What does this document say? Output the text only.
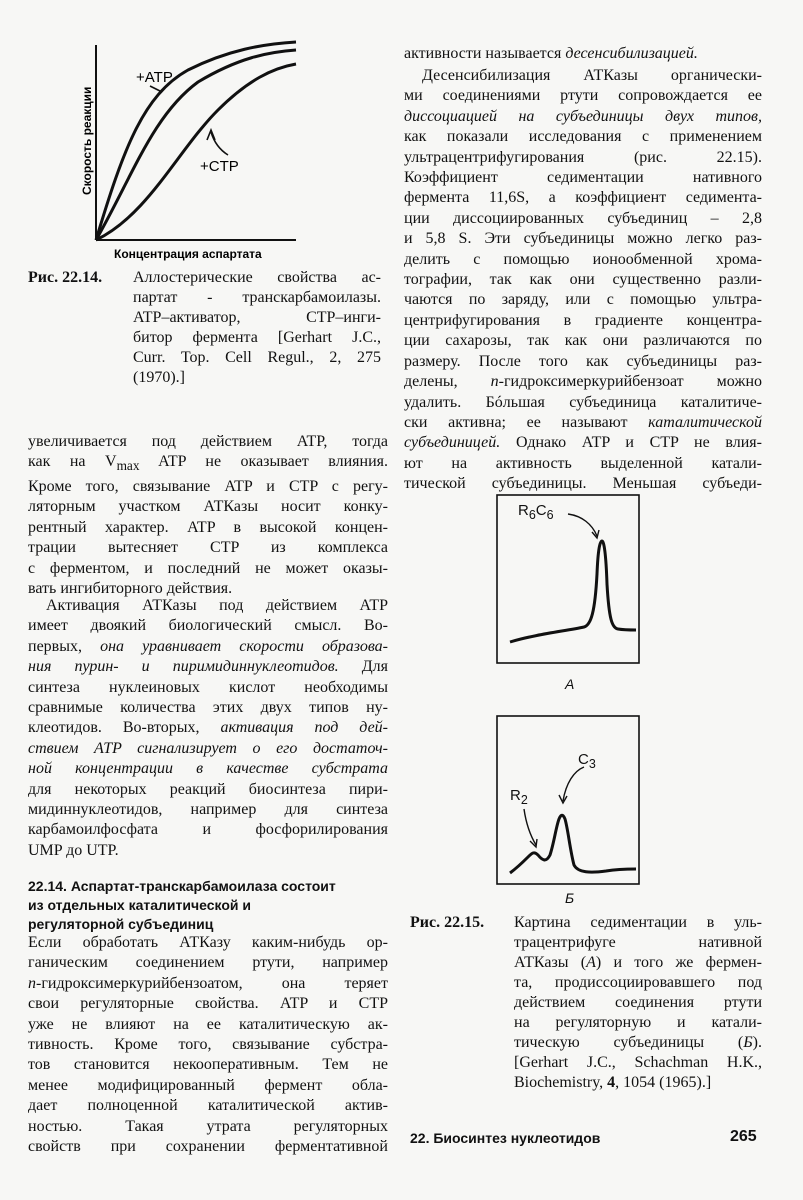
+ATP
+CTP
Скорость реакции
Концентрация аспартата
Рис. 22.14. Аллостерические свойства ас-
партат - транскарбамоилазы.
ATP–активатор, CTP–инги-
битор фермента [Gerhart J.C.,
Curr. Top. Cell Regul., 2, 275
(1970).]
увеличивается под действием ATP, тогда
как на $V_{max}$ ATP не оказывает влияния.
Кроме того, связывание ATP и CTP с регу-
ляторным участком АТКазы носит конку-
рентный характер. ATP в высокой концен-
трации вытесняет CTP из комплекса
с ферментом, и последний не может оказы-
вать ингибиторного действия.
Активация АТКазы под действием ATP
имеет двоякий биологический смысл. Во-
первых, она уравнивает скорости образова-
ния пурин- и пиримидиннуклеотидов. Для
синтеза нуклеиновых кислот необходимы
сравнимые количества этих двух типов ну-
клеотидов. Во-вторых, активация под дей-
ствием ATP сигнализирует о его достаточ-
ной концентрации в качестве субстрата
для некоторых реакций биосинтеза пири-
мидиннуклеотидов, например для синтеза
карбамоилфосфата и фосфорилирования
UMP до UTP.
22.14. Аспартат-транскарбамоилаза состоит
из отдельных каталитической и
регуляторной субъединиц
Если обработать АТКазу каким-нибудь ор-
ганическим соединением ртути, например
п-гидроксимеркурийбензоатом, она теряет
свои регуляторные свойства. ATP и CTP
уже не влияют на ее каталитическую ак-
тивность. Кроме того, связывание субстра-
тов становится некооперативным. Тем не
менее модифицированный фермент обла-
дает полноценной каталитической актив-
ностью. Такая утрата регуляторных
свойств при сохранении ферментативной
активности называется десенсибилизацией.
Десенсибилизация АТКазы органически-
ми соединениями ртути сопровождается ее
диссоциацией на субъединицы двух типов,
как показали исследования с применением
ультрацентрифугирования (рис. 22.15).
Коэффициент седиментации нативного
фермента 11,6S, а коэффициент седимента-
ции диссоциированных субъединиц – 2,8
и 5,8 S. Эти субъединицы можно легко раз-
делить с помощью ионообменной хрома-
тографии, так как они существенно разли-
чаются по заряду, или с помощью ультра-
центрифугирования в градиенте концентра-
ции сахарозы, так как они различаются по
размеру. После того как субъединицы раз-
делены, п-гидроксимеркурийбензоат можно
удалить. Бóльшая субъединица каталитиче-
ски активна; ее называют каталитической
субъединицей. Однако ATP и CTP не влия-
ют на активность выделенной катали-
тической субъединицы. Меньшая субъеди-
$R_6C_6$
А
$C_3$
$R_2$
Б
Рис. 22.15. Картина седиментации в уль-
трацентрифуге нативной
АТКазы (А) и того же фермен-
та, продиссоциировавшего под
действием соединения ртути
на регуляторную и катали-
тическую субъединицы (Б).
[Gerhart J.C., Schachman H.K.,
Biochemistry, 4, 1054 (1965).]
22. Биосинтез нуклеотидов	265
